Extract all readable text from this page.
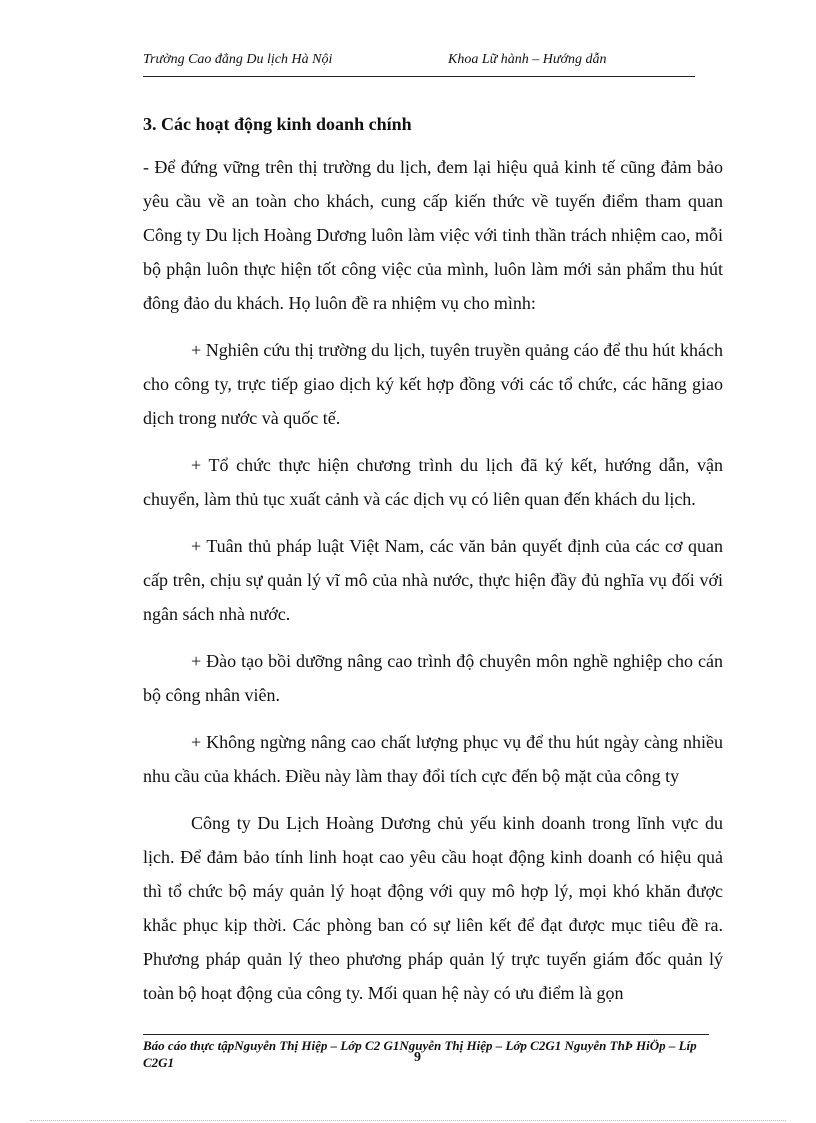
Trường Cao đẳng Du lịch Hà Nội	Khoa Lữ hành – Hướng dẫn

3. Các hoạt động kinh doanh chính

- Để đứng vững trên thị trường du lịch, đem lại hiệu quả kinh tế cũng đảm bảo yêu cầu về an toàn cho khách, cung cấp kiến thức về tuyến điểm tham quan Công ty Du lịch Hoàng Dương luôn làm việc với tinh thần trách nhiệm cao, mỗi bộ phận luôn thực hiện tốt công việc của mình, luôn làm mới sản phẩm thu hút đông đảo du khách. Họ luôn đề ra nhiệm vụ cho mình:

+ Nghiên cứu thị trường du lịch, tuyên truyền quảng cáo để thu hút khách cho công ty, trực tiếp giao dịch ký kết hợp đồng với các tổ chức, các hãng giao dịch trong nước và quốc tế.

+ Tổ chức thực hiện chương trình du lịch đã ký kết, hướng dẫn, vận chuyển, làm thủ tục xuất cảnh và các dịch vụ có liên quan đến khách du lịch.

+ Tuân thủ pháp luật Việt Nam, các văn bản quyết định của các cơ quan cấp trên, chịu sự quản lý vĩ mô của nhà nước, thực hiện đầy đủ nghĩa vụ đối với ngân sách nhà nước.

+ Đào tạo bồi dưỡng nâng cao trình độ chuyên môn nghề nghiệp cho cán bộ công nhân viên.

+ Không ngừng nâng cao chất lượng phục vụ để thu hút ngày càng nhiều nhu cầu của khách. Điều này làm thay đổi tích cực đến bộ mặt của công ty

Công ty Du Lịch Hoàng Dương chủ yếu kinh doanh trong lĩnh vực du lịch. Để đảm bảo tính linh hoạt cao yêu cầu hoạt động kinh doanh có hiệu quả thì tổ chức bộ máy quản lý hoạt động với quy mô hợp lý, mọi khó khăn được khắc phục kịp thời. Các phòng ban có sự liên kết để đạt được mục tiêu đề ra. Phương pháp quản lý theo phương pháp quản lý trực tuyến giám đốc quản lý toàn bộ hoạt động của công ty. Mối quan hệ này có ưu điểm là gọn

Báo cáo thực tậpNguyễn Thị Hiệp – Lớp C2 G1Nguyễn Thị Hiệp – Lớp C2G1 Nguyễn ThÞ HiÖp – Líp C2G1	9
